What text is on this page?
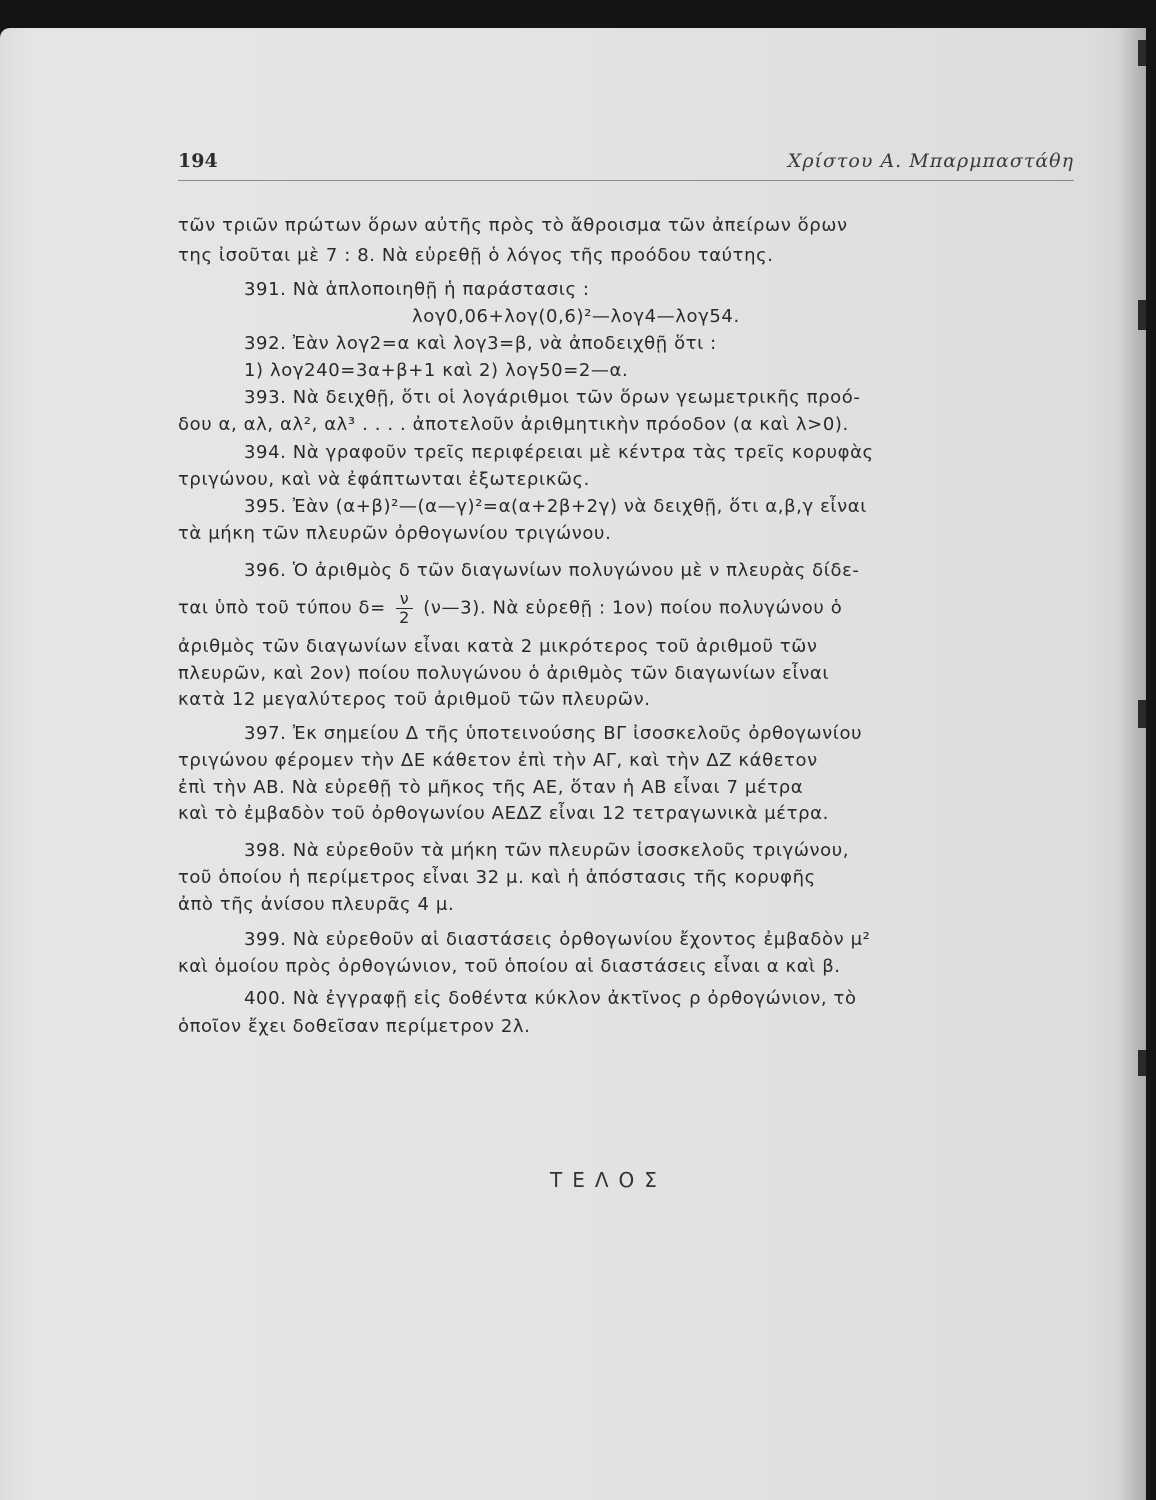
194	Χρίστου Α. Μπαρμπαστάθη
τῶν τριῶν πρώτων ὅρων αὐτῆς πρὸς τὸ ἄθροισμα τῶν ἀπείρων ὅρων
της ἰσοῦται μὲ 7 : 8. Νὰ εὑρεθῇ ὁ λόγος τῆς προόδου ταύτης.
391. Νὰ ἁπλοποιηθῇ ἡ παράστασις :
λογ0,06+λογ(0,6)²—λογ4—λογ54.
392. Ἐὰν λογ2=α καὶ λογ3=β, νὰ ἀποδειχθῇ ὅτι :
1) λογ240=3α+β+1 καὶ 2) λογ50=2—α.
393. Νὰ δειχθῇ, ὅτι οἱ λογάριθμοι τῶν ὅρων γεωμετρικῆς προό-
δου α, αλ, αλ², αλ³ . . . . ἀποτελοῦν ἀριθμητικὴν πρόοδον (α καὶ λ>0).
394. Νὰ γραφοῦν τρεῖς περιφέρειαι μὲ κέντρα τὰς τρεῖς κορυφὰς
τριγώνου, καὶ νὰ ἐφάπτωνται ἐξωτερικῶς.
395. Ἐὰν (α+β)²—(α—γ)²=α(α+2β+2γ) νὰ δειχθῇ, ὅτι α,β,γ εἶναι
τὰ μήκη τῶν πλευρῶν ὀρθογωνίου τριγώνου.
396. Ὁ ἀριθμὸς δ τῶν διαγωνίων πολυγώνου μὲ ν πλευρὰς δίδε-
ται ὑπὸ τοῦ τύπου $\delta= \frac{\nu}{2}$ (ν—3). Νὰ εὑρεθῇ : 1ον) ποίου πολυγώνου ὁ
ἀριθμὸς τῶν διαγωνίων εἶναι κατὰ 2 μικρότερος τοῦ ἀριθμοῦ τῶν
πλευρῶν, καὶ 2ον) ποίου πολυγώνου ὁ ἀριθμὸς τῶν διαγωνίων εἶναι
κατὰ 12 μεγαλύτερος τοῦ ἀριθμοῦ τῶν πλευρῶν.
397. Ἐκ σημείου Δ τῆς ὑποτεινούσης ΒΓ ἰσοσκελοῦς ὀρθογωνίου
τριγώνου φέρομεν τὴν ΔΕ κάθετον ἐπὶ τὴν ΑΓ, καὶ τὴν ΔΖ κάθετον
ἐπὶ τὴν ΑΒ. Νὰ εὑρεθῇ τὸ μῆκος τῆς ΑΕ, ὅταν ἡ ΑΒ εἶναι 7 μέτρα
καὶ τὸ ἐμβαδὸν τοῦ ὀρθογωνίου ΑΕΔΖ εἶναι 12 τετραγωνικὰ μέτρα.
398. Νὰ εὑρεθοῦν τὰ μήκη τῶν πλευρῶν ἰσοσκελοῦς τριγώνου,
τοῦ ὁποίου ἡ περίμετρος εἶναι 32 μ. καὶ ἡ ἀπόστασις τῆς κορυφῆς
ἀπὸ τῆς ἀνίσου πλευρᾶς 4 μ.
399. Νὰ εὑρεθοῦν αἱ διαστάσεις ὀρθογωνίου ἔχοντος ἐμβαδὸν μ²
καὶ ὁμοίου πρὸς ὀρθογώνιον, τοῦ ὁποίου αἱ διαστάσεις εἶναι α καὶ β.
400. Νὰ ἐγγραφῇ εἰς δοθέντα κύκλον ἀκτῖνος ρ ὀρθογώνιον, τὸ
ὁποῖον ἔχει δοθεῖσαν περίμετρον 2λ.
ΤΕΛΟΣ
